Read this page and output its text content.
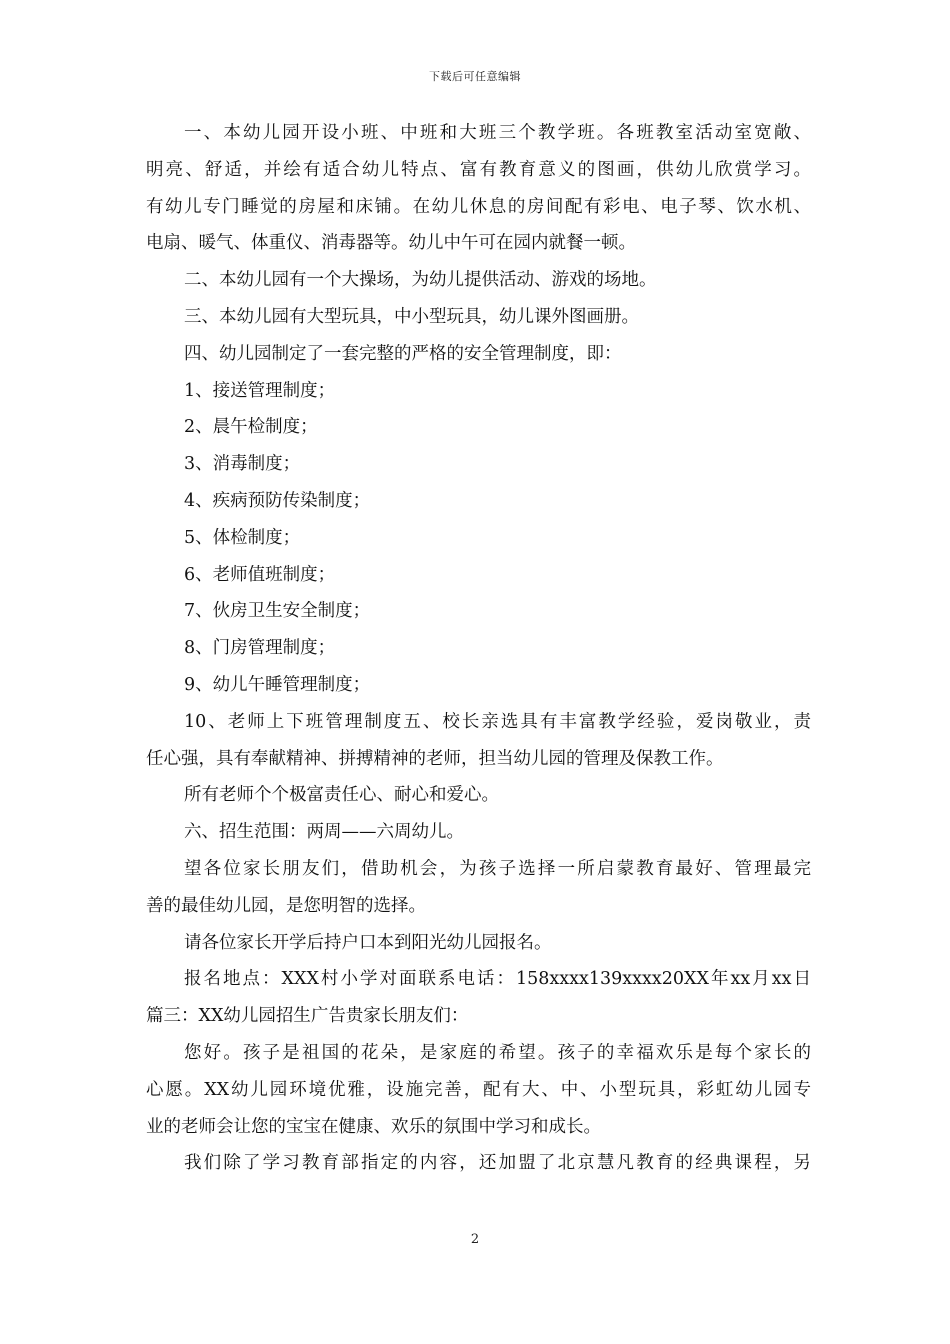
下载后可任意编辑
一、本幼儿园开设小班、中班和大班三个教学班。各班教室活动室宽敞、
明亮、舒适，并绘有适合幼儿特点、富有教育意义的图画，供幼儿欣赏学习。
有幼儿专门睡觉的房屋和床铺。在幼儿休息的房间配有彩电、电子琴、饮水机、
电扇、暖气、体重仪、消毒器等。幼儿中午可在园内就餐一顿。
二、本幼儿园有一个大操场，为幼儿提供活动、游戏的场地。
三、本幼儿园有大型玩具，中小型玩具，幼儿课外图画册。
四、幼儿园制定了一套完整的严格的安全管理制度，即：
1、接送管理制度；
2、晨午检制度；
3、消毒制度；
4、疾病预防传染制度；
5、体检制度；
6、老师值班制度；
7、伙房卫生安全制度；
8、门房管理制度；
9、幼儿午睡管理制度；
10、老师上下班管理制度五、校长亲选具有丰富教学经验，爱岗敬业，责
任心强，具有奉献精神、拼搏精神的老师，担当幼儿园的管理及保教工作。
所有老师个个极富责任心、耐心和爱心。
六、招生范围：两周——六周幼儿。
望各位家长朋友们，借助机会，为孩子选择一所启蒙教育最好、管理最完
善的最佳幼儿园，是您明智的选择。
请各位家长开学后持户口本到阳光幼儿园报名。
报名地点：XXX村小学对面联系电话：158xxxx139xxxx20XX年xx月xx日
篇三：XX幼儿园招生广告贵家长朋友们：
您好。孩子是祖国的花朵，是家庭的希望。孩子的幸福欢乐是每个家长的
心愿。XX幼儿园环境优雅，设施完善，配有大、中、小型玩具，彩虹幼儿园专
业的老师会让您的宝宝在健康、欢乐的氛围中学习和成长。
我们除了学习教育部指定的内容，还加盟了北京慧凡教育的经典课程，另
2
